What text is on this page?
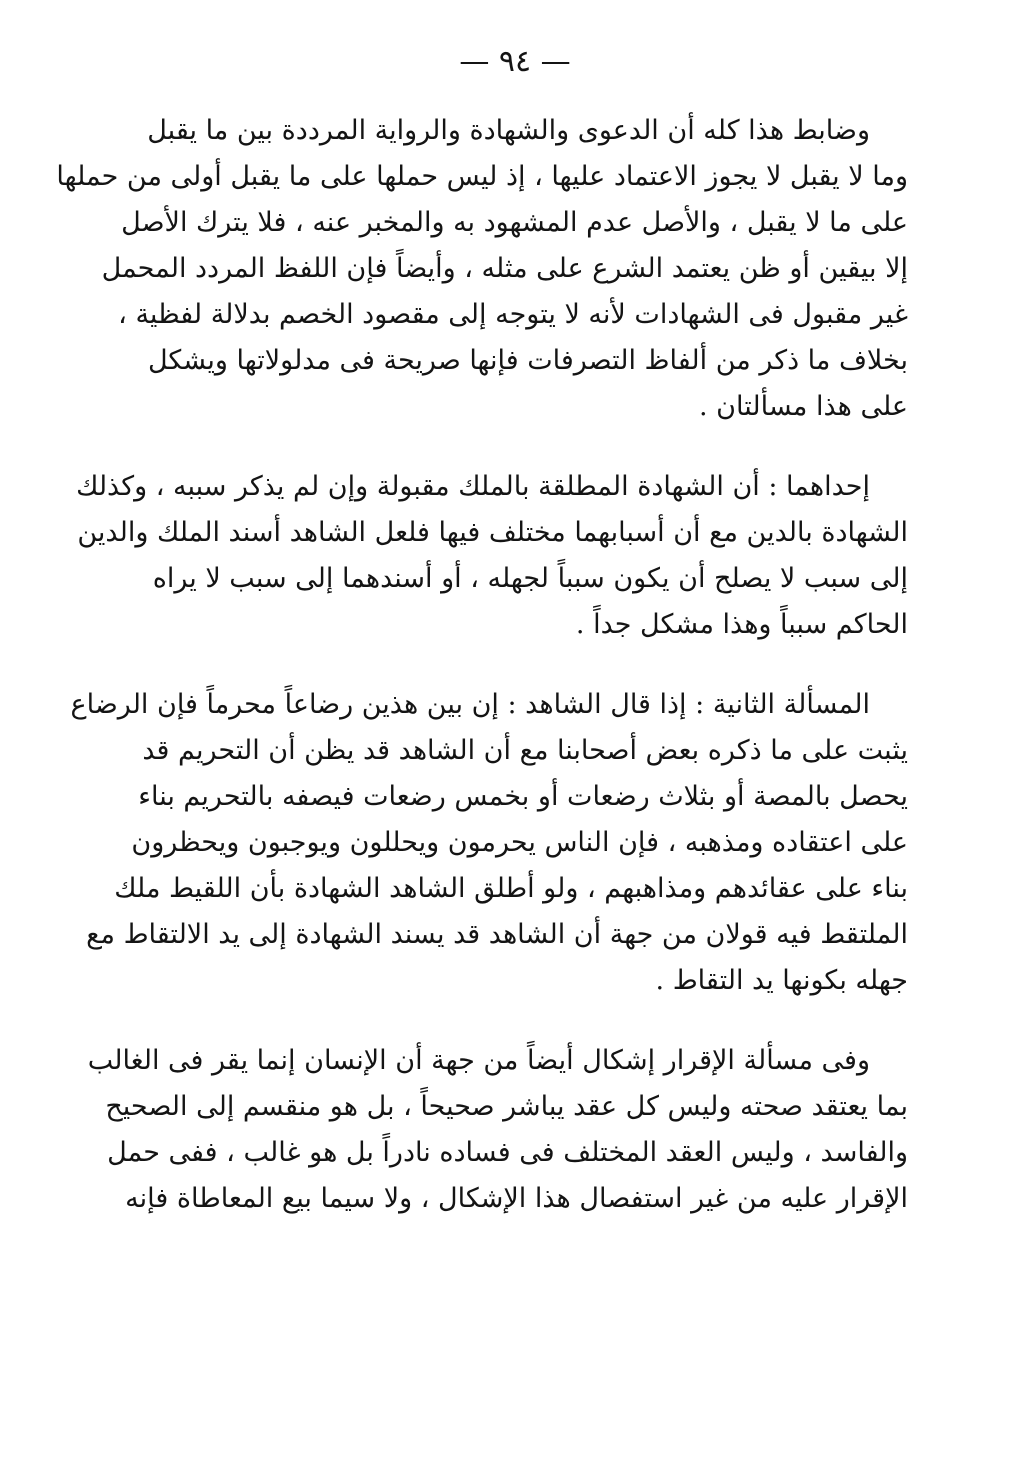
— ٩٤ —
وضابط هذا كله أن الدعوى والشهادة والرواية المرددة بين ما يقبل
وما لا يقبل لا يجوز الاعتماد عليها ، إذ ليس حملها على ما يقبل أولى من حملها
على ما لا يقبل ، والأصل عدم المشهود به والمخبر عنه ، فلا يترك الأصل
إلا بيقين أو ظن يعتمد الشرع على مثله ، وأيضاً فإن اللفظ المردد المحمل
غير مقبول فى الشهادات لأنه لا يتوجه إلى مقصود الخصم بدلالة لفظية ،
بخلاف ما ذكر من ألفاظ التصرفات فإنها صريحة فى مدلولاتها ويشكل
على هذا مسألتان .
إحداهما : أن الشهادة المطلقة بالملك مقبولة وإن لم يذكر سببه ، وكذلك
الشهادة بالدين مع أن أسبابهما مختلف فيها فلعل الشاهد أسند الملك والدين
إلى سبب لا يصلح أن يكون سبباً لجهله ، أو أسندهما إلى سبب لا يراه
الحاكم سبباً وهذا مشكل جداً .
المسألة الثانية : إذا قال الشاهد : إن بين هذين رضاعاً محرماً فإن الرضاع
يثبت على ما ذكره بعض أصحابنا مع أن الشاهد قد يظن أن التحريم قد
يحصل بالمصة أو بثلاث رضعات أو بخمس رضعات فيصفه بالتحريم بناء
على اعتقاده ومذهبه ، فإن الناس يحرمون ويحللون ويوجبون ويحظرون
بناء على عقائدهم ومذاهبهم ، ولو أطلق الشاهد الشهادة بأن اللقيط ملك
الملتقط فيه قولان من جهة أن الشاهد قد يسند الشهادة إلى يد الالتقاط مع
جهله بكونها يد التقاط .
وفى مسألة الإقرار إشكال أيضاً من جهة أن الإنسان إنما يقر فى الغالب
بما يعتقد صحته وليس كل عقد يباشر صحيحاً ، بل هو منقسم إلى الصحيح
والفاسد ، وليس العقد المختلف فى فساده نادراً بل هو غالب ، ففى حمل
الإقرار عليه من غير استفصال هذا الإشكال ، ولا سيما بيع المعاطاة فإنه
